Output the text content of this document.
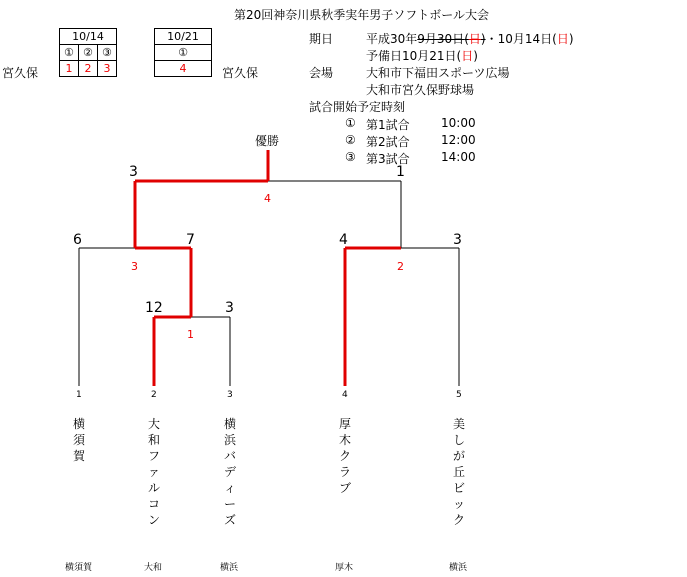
第20回神奈川県秋季実年男子ソフトボール大会
10/14		
①	②	③
1	2	3
宮久保
10/21
①
4	宮久保
期日	平成30年9月30日(日)・10月14日(日)
予備日10月21日(日)
会場	大和市下福田スポーツ広場
大和市宮久保野球場
試合開始予定時刻
① 第1試合	10:00
② 第2試合	12:00
③ 第3試合	14:00
優勝
3	1
4
6	7
3
4	3
2
12	3
1
1	2	3	4	5
横須賀
大和ファルコン
横浜バディーズ
厚木クラブ
美しが丘ビック
横須賀	大和	横浜	厚木	横浜
